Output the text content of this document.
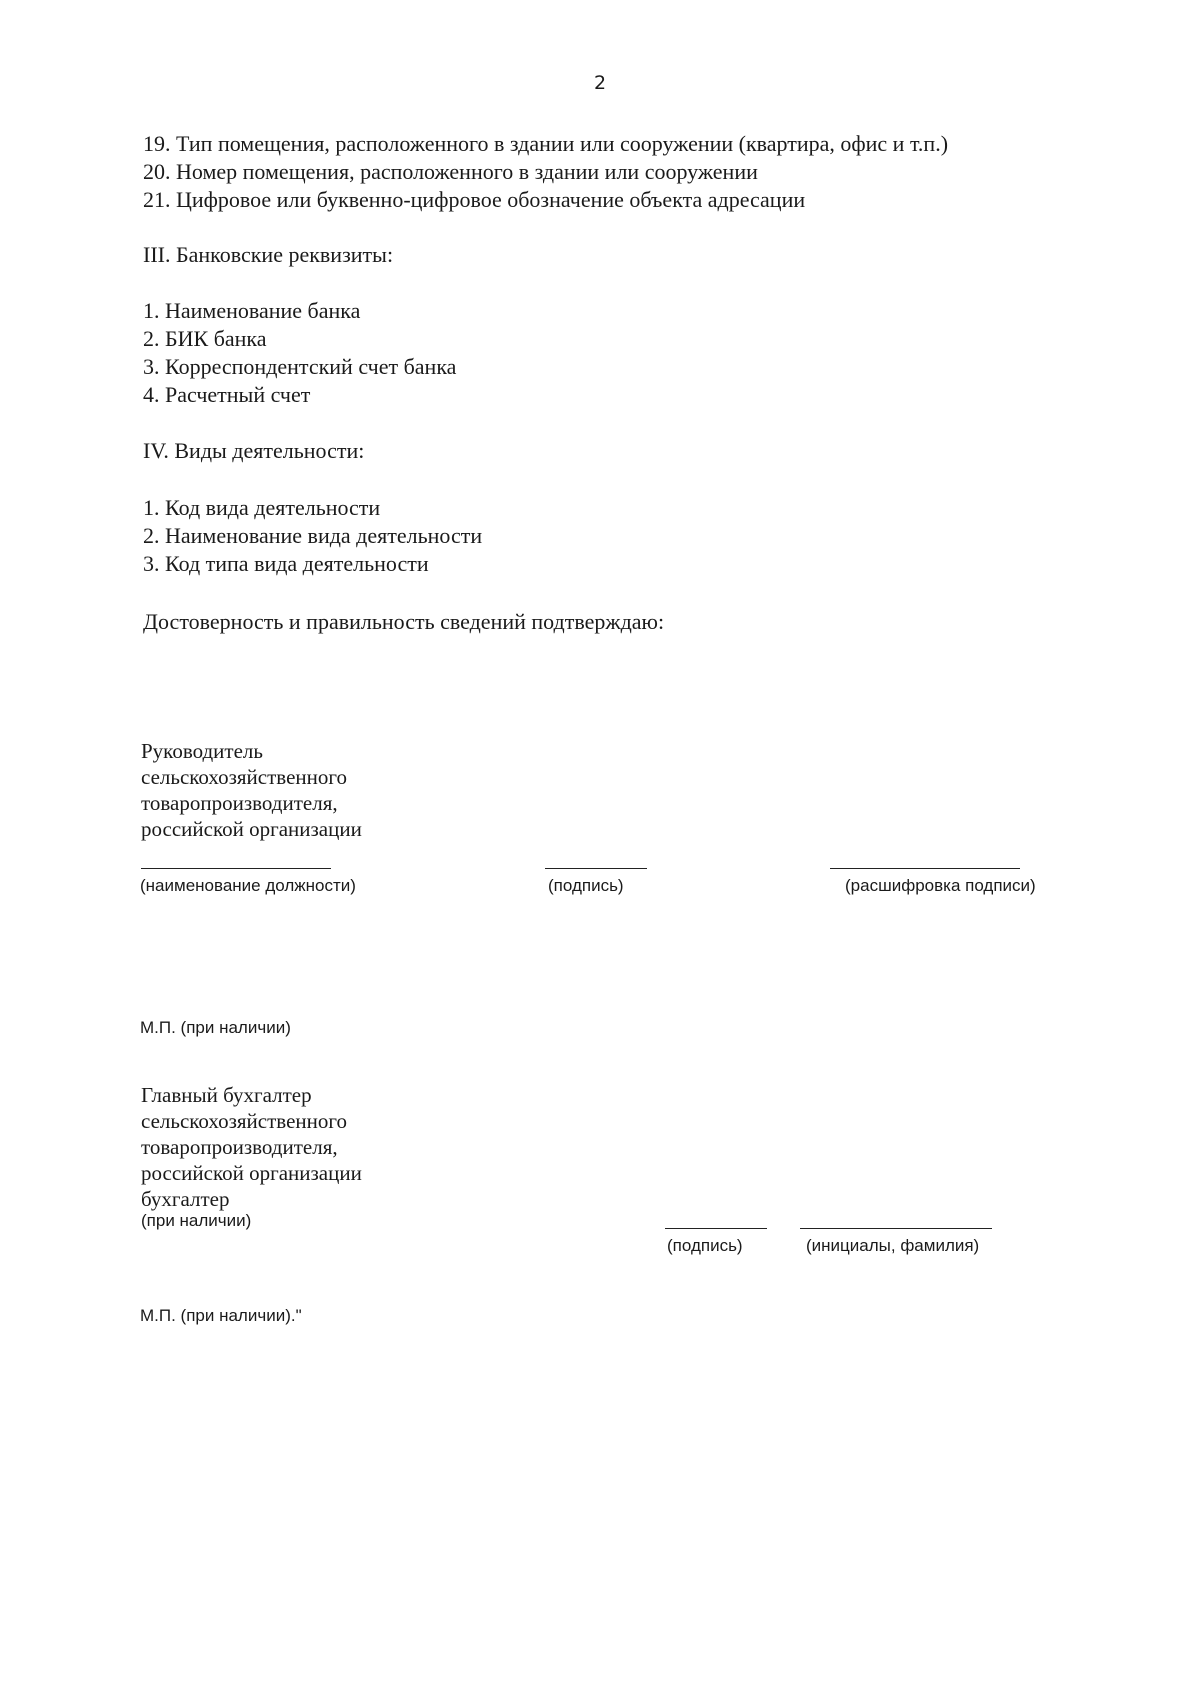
2
19. Тип помещения, расположенного в здании или сооружении (квартира, офис и т.п.)
20. Номер помещения, расположенного в здании или сооружении
21. Цифровое или буквенно-цифровое обозначение объекта адресации
III. Банковские реквизиты:
1. Наименование банка
2. БИК банка
3. Корреспондентский счет банка
4. Расчетный счет
IV. Виды деятельности:
1. Код вида деятельности
2. Наименование вида деятельности
3. Код типа вида деятельности
Достоверность и правильность сведений подтверждаю:
Руководитель
сельскохозяйственного
товаропроизводителя,
российской организации
(наименование должности)	(подпись)	(расшифровка подписи)
М.П. (при наличии)
Главный бухгалтер
сельскохозяйственного
товаропроизводителя,
российской организации
бухгалтер
(при наличии)
(подпись)	(инициалы, фамилия)
М.П. (при наличии)."
